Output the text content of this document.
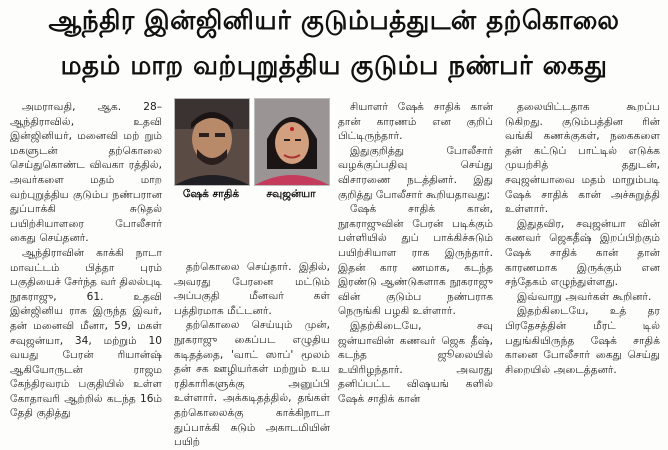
ஆந்திர இன்ஜினியர் குடும்பத்துடன் தற்கொலை
மதம் மாற வற்புறுத்திய குடும்ப நண்பர் கைது
ஷேக் சாதிக்	சவுஜன்யா

அமராவதி, ஆக. 28– ஆந்திராவில், உதவி இன்ஜினியர், மனைவி மற் றும் மகளுடன் தற்கொலை செய்துகொண்ட விவகா ரத்தில், அவர்களை மதம் மாற வற்புறுத்திய குடும்ப நண்பரான துப்பாக்கி சுடுதல் பயிற்சியாளரை போலீசார் கைது செய்தனர்.

ஆந்திராவின் காக்கி நாடா மாவட்டம் பித்தா புரம் பகுதியைச் சேர்ந்த வர் திலல்புடி நூகராஜு, 61. உதவி இன்ஜினிய ராக இருந்த இவர், தன் மனைவி மீனா, 59, மகள் சவுஜன்யா, 34, மற்றும் 10 வயது பேரன் ரியான்ஷ் ஆகியோருடன் ராஜம கேந்திரவரம் பகுதியில் உள்ள கோதாவரி ஆற்றில் கடந்த 16ம் தேதி குதித்து

தற்கொலை செய்தார். இதில், அவரது பேரனை மட்டும் அப்பகுதி மீனவர் கள் பத்திரமாக மீட்டனர்.

தற்கொலை செய்யும் முன், நூகராஜு கைப்பட எழுதிய கடிதத்தை, 'வாட் ஸாப்' மூலம் தன் சக ஊழியர்கள் மற்றும் உய ரதிகாரிகளுக்கு அனுப்பி உள்ளார். அக்கடிதத்தில், தங்கள் தற்கொலைக்கு காக்கிநாடா துப்பாக்கி சுடும் அகாடமியின் பயிற்

சியாளர் ஷேக் சாதிக் கான் தான் காரணம் என குறிப் பிட்டிருந்தார்.

இதுகுறித்து போலீசார் வழக்குப்பதிவு செய்து விசாரணை நடத்தினர். இது குறித்து போலீசார் கூறியதாவது:

ஷேக் சாதிக் கான், நூகராஜுவின் பேரன் படிக்கும் பள்ளியில் துப் பாக்கிச்சுடும் பயிற்சியாள ராக இருந்தார். இதன் கார ணமாக, கடந்த இரண்டு ஆண்டுகளாக நூகராஜு வின் குடும்ப நண்பராக நெருங்கி பழகி உள்ளார்.

இதற்கிடையே, சவு ஜன்யாவின் கணவர் ஜெக தீஷ், கடந்த ஜூலையில் உயிரிழந்தார். அவரது தனிப்பட்ட விஷயங் களில் ஷேக் சாதிக் கான்

தலையிட்டதாக கூறப்ப டுகிறது. குடும்பத்தின ரின் வங்கி கணக்குகள், நகைகளை தன் கட்டுப் பாட்டில் எடுக்க முயற்சித் ததுடன், சவுஜன்யாவை மதம் மாறும்படி ஷேக் சாதிக் கான் அச்சுறுத்தி உள்ளார்.

இதுதவிர, சவுஜன்யா வின் கணவர் ஜெகதீஷ் இறப்பிற்கும் ஷேக் சாதிக் கான் தான் காரணமாக இருக்கும் என சந்தேகம் எழுந்துள்ளது.

இவ்வாறு அவர்கள் கூறினர்.

இதற்கிடையே, உத் தர பிரதேசத்தின் மீரட் டில் பதுங்கியிருந்த ஷேக் சாதிக் கானை போலீசார் கைது செய்து சிறையில் அடைத்தனர்.
